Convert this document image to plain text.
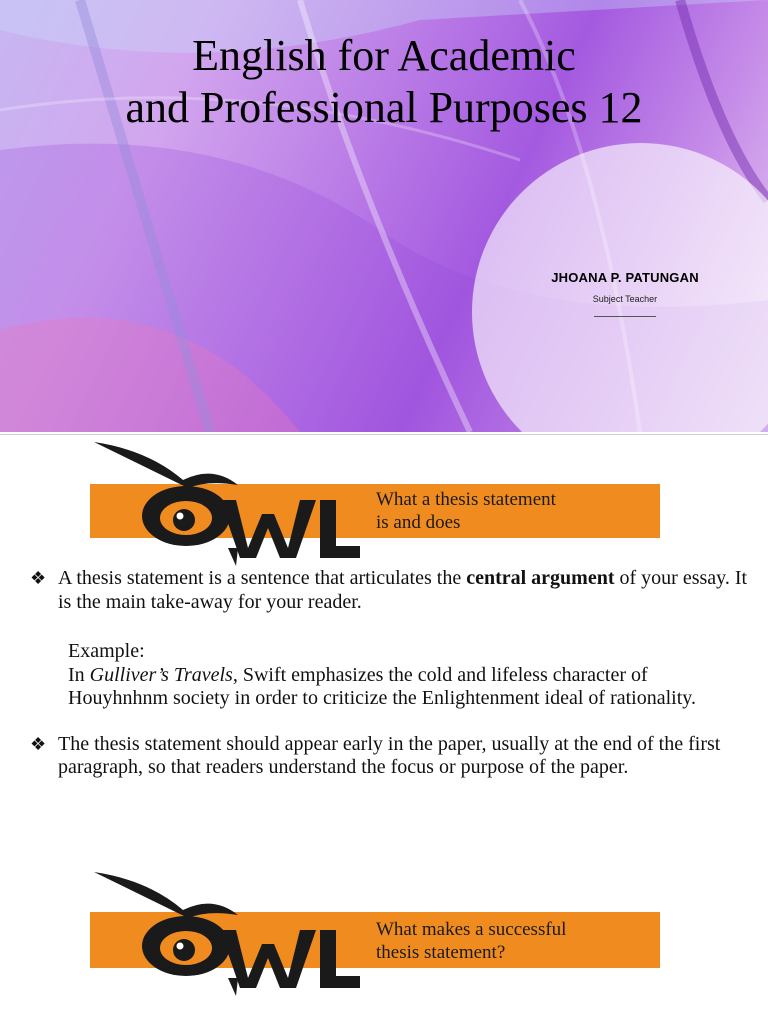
English for Academic
and Professional Purposes 12
JHOANA P. PATUNGAN
Subject Teacher
What a thesis statement
is and does
OWL
❖ A thesis statement is a sentence that articulates the central argument of your essay. It is the main take-away for your reader.
Example:
In Gulliver’s Travels, Swift emphasizes the cold and lifeless character of Houyhnhnm society in order to criticize the Enlightenment ideal of rationality.
❖ The thesis statement should appear early in the paper, usually at the end of the first paragraph, so that readers understand the focus or purpose of the paper.
What makes a successful
thesis statement?
OWL
